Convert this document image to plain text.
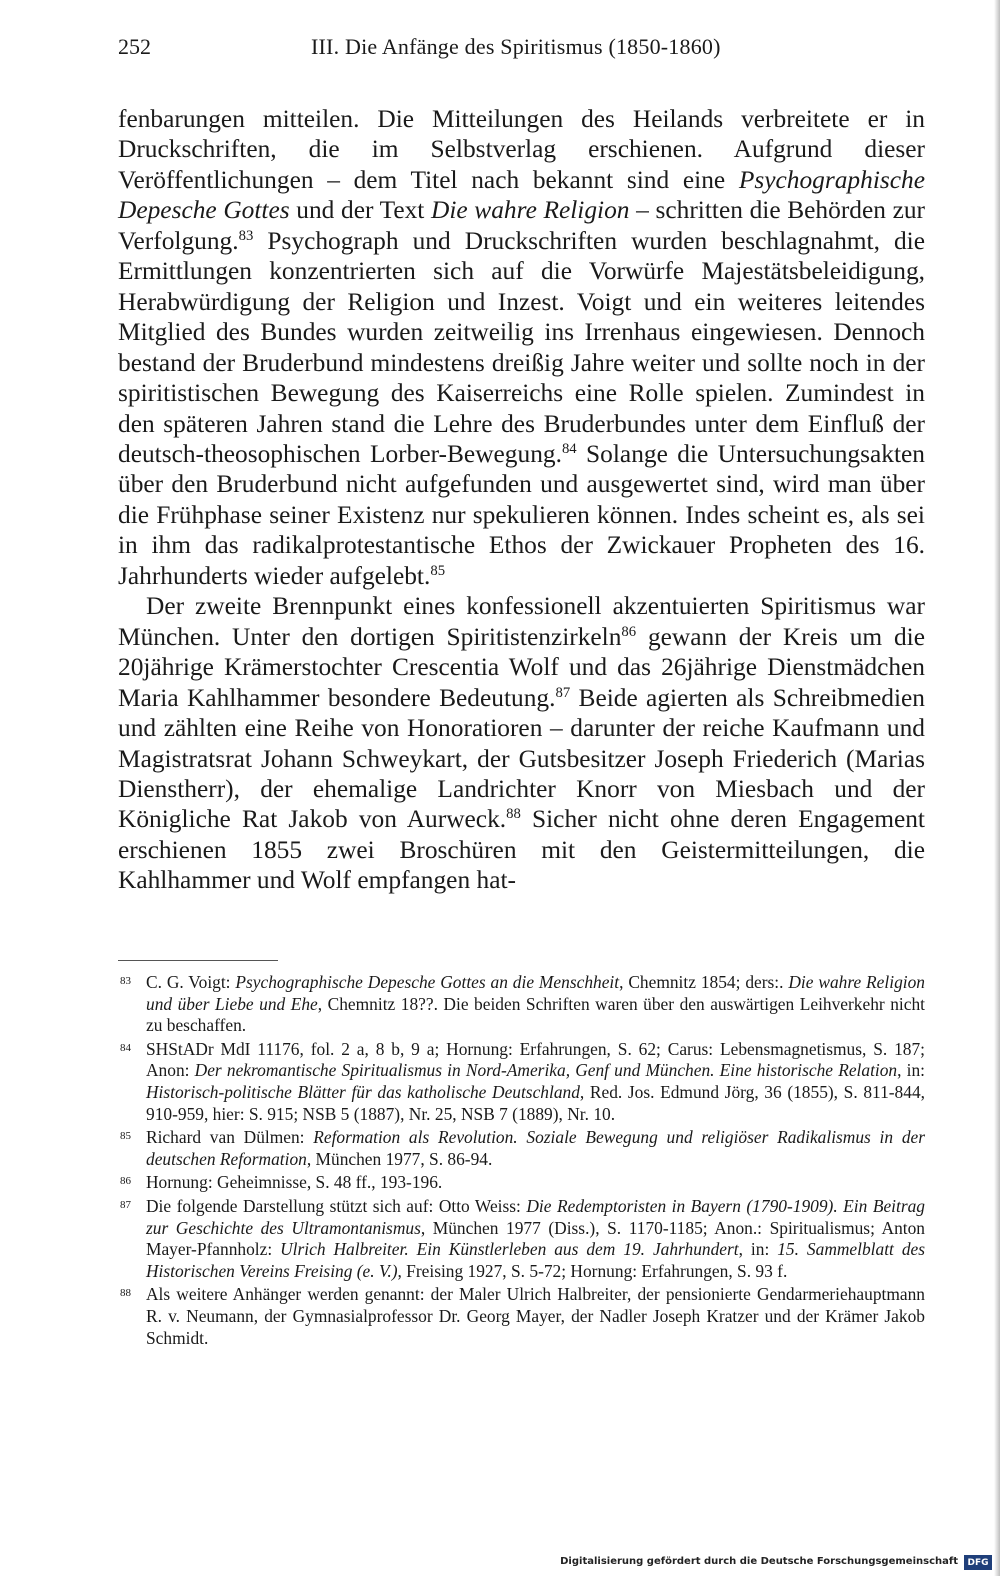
252	III. Die Anfänge des Spiritismus (1850-1860)

fenbarungen mitteilen. Die Mitteilungen des Heilands verbreitete er in Druckschriften, die im Selbstverlag erschienen. Aufgrund dieser Veröffentlichungen – dem Titel nach bekannt sind eine Psychographische Depesche Gottes und der Text Die wahre Religion – schritten die Behörden zur Verfolgung.$^{83}$ Psychograph und Druckschriften wurden beschlagnahmt, die Ermittlungen konzentrierten sich auf die Vorwürfe Majestätsbeleidigung, Herabwürdigung der Religion und Inzest. Voigt und ein weiteres leitendes Mitglied des Bundes wurden zeitweilig ins Irrenhaus eingewiesen. Dennoch bestand der Bruderbund mindestens dreißig Jahre weiter und sollte noch in der spiritistischen Bewegung des Kaiserreichs eine Rolle spielen. Zumindest in den späteren Jahren stand die Lehre des Bruderbundes unter dem Einfluß der deutsch-theosophischen Lorber-Bewegung.$^{84}$ Solange die Untersuchungsakten über den Bruderbund nicht aufgefunden und ausgewertet sind, wird man über die Frühphase seiner Existenz nur spekulieren können. Indes scheint es, als sei in ihm das radikalprotestantische Ethos der Zwickauer Propheten des 16. Jahrhunderts wieder aufgelebt.$^{85}$

Der zweite Brennpunkt eines konfessionell akzentuierten Spiritismus war München. Unter den dortigen Spiritistenzirkeln$^{86}$ gewann der Kreis um die 20jährige Krämerstochter Crescentia Wolf und das 26jährige Dienstmädchen Maria Kahlhammer besondere Bedeutung.$^{87}$ Beide agierten als Schreibmedien und zählten eine Reihe von Honoratioren – darunter der reiche Kaufmann und Magistratsrat Johann Schweykart, der Gutsbesitzer Joseph Friederich (Marias Dienstherr), der ehemalige Landrichter Knorr von Miesbach und der Königliche Rat Jakob von Aurweck.$^{88}$ Sicher nicht ohne deren Engagement erschienen 1855 zwei Broschüren mit den Geistermitteilungen, die Kahlhammer und Wolf empfangen hat-

83 C. G. Voigt: Psychographische Depesche Gottes an die Menschheit, Chemnitz 1854; ders:. Die wahre Religion und über Liebe und Ehe, Chemnitz 18??. Die beiden Schriften waren über den auswärtigen Leihverkehr nicht zu beschaffen.
84 SHStADr MdI 11176, fol. 2 a, 8 b, 9 a; Hornung: Erfahrungen, S. 62; Carus: Lebensmagnetismus, S. 187; Anon: Der nekromantische Spiritualismus in Nord-Amerika, Genf und München. Eine historische Relation, in: Historisch-politische Blätter für das katholische Deutschland, Red. Jos. Edmund Jörg, 36 (1855), S. 811-844, 910-959, hier: S. 915; NSB 5 (1887), Nr. 25, NSB 7 (1889), Nr. 10.
85 Richard van Dülmen: Reformation als Revolution. Soziale Bewegung und religiöser Radikalismus in der deutschen Reformation, München 1977, S. 86-94.
86 Hornung: Geheimnisse, S. 48 ff., 193-196.
87 Die folgende Darstellung stützt sich auf: Otto Weiss: Die Redemptoristen in Bayern (1790-1909). Ein Beitrag zur Geschichte des Ultramontanismus, München 1977 (Diss.), S. 1170-1185; Anon.: Spiritualismus; Anton Mayer-Pfannholz: Ulrich Halbreiter. Ein Künstlerleben aus dem 19. Jahrhundert, in: 15. Sammelblatt des Historischen Vereins Freising (e. V.), Freising 1927, S. 5-72; Hornung: Erfahrungen, S. 93 f.
88 Als weitere Anhänger werden genannt: der Maler Ulrich Halbreiter, der pensionierte Gendarmeriehauptmann R. v. Neumann, der Gymnasialprofessor Dr. Georg Mayer, der Nadler Joseph Kratzer und der Krämer Jakob Schmidt.
Digitalisierung gefördert durch die Deutsche Forschungsgemeinschaft	DFG
